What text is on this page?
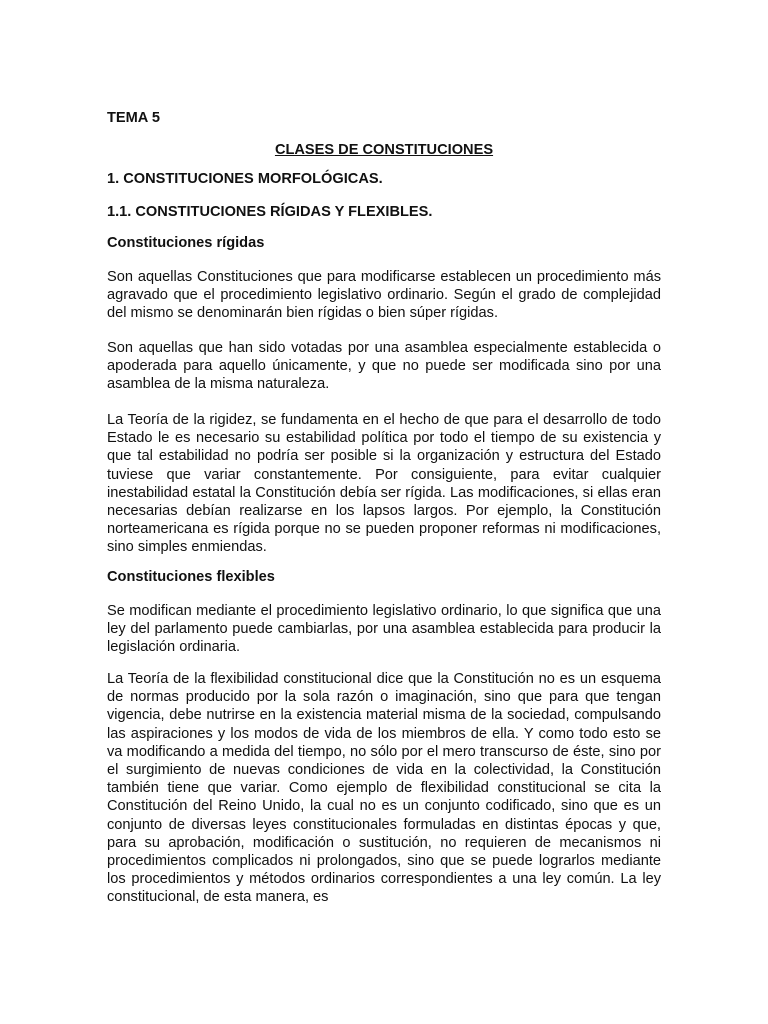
TEMA 5

CLASES DE CONSTITUCIONES

1. CONSTITUCIONES MORFOLÓGICAS.

1.1. CONSTITUCIONES RÍGIDAS Y FLEXIBLES.

Constituciones rígidas

Son aquellas Constituciones que para modificarse establecen un procedimiento más agravado que el procedimiento legislativo ordinario. Según el grado de complejidad del mismo se denominarán bien rígidas o bien súper rígidas.

Son aquellas que han sido votadas por una asamblea especialmente establecida o apoderada para aquello únicamente, y que no puede ser modificada sino por una asamblea de la misma naturaleza.

La Teoría de la rigidez, se fundamenta en el hecho de que para el desarrollo de todo Estado le es necesario su estabilidad política por todo el tiempo de su existencia y que tal estabilidad no podría ser posible si la organización y estructura del Estado tuviese que variar constantemente. Por consiguiente, para evitar cualquier inestabilidad estatal la Constitución debía ser rígida. Las modificaciones, si ellas eran necesarias debían realizarse en los lapsos largos. Por ejemplo, la Constitución norteamericana es rígida porque no se pueden proponer reformas ni modificaciones, sino simples enmiendas.

Constituciones flexibles

Se modifican mediante el procedimiento legislativo ordinario, lo que significa que una ley del parlamento puede cambiarlas, por una asamblea establecida para producir la legislación ordinaria.

La Teoría de la flexibilidad constitucional dice que la Constitución no es un esquema de normas producido por la sola razón o imaginación, sino que para que tengan vigencia, debe nutrirse en la existencia material misma de la sociedad, compulsando las aspiraciones y los modos de vida de los miembros de ella. Y como todo esto se va modificando a medida del tiempo, no sólo por el mero transcurso de éste, sino por el surgimiento de nuevas condiciones de vida en la colectividad, la Constitución también tiene que variar. Como ejemplo de flexibilidad constitucional se cita la Constitución del Reino Unido, la cual no es un conjunto codificado, sino que es un conjunto de diversas leyes constitucionales formuladas en distintas épocas y que, para su aprobación, modificación o sustitución, no requieren de mecanismos ni procedimientos complicados ni prolongados, sino que se puede lograrlos mediante los procedimientos y métodos ordinarios correspondientes a una ley común. La ley constitucional, de esta manera, es
